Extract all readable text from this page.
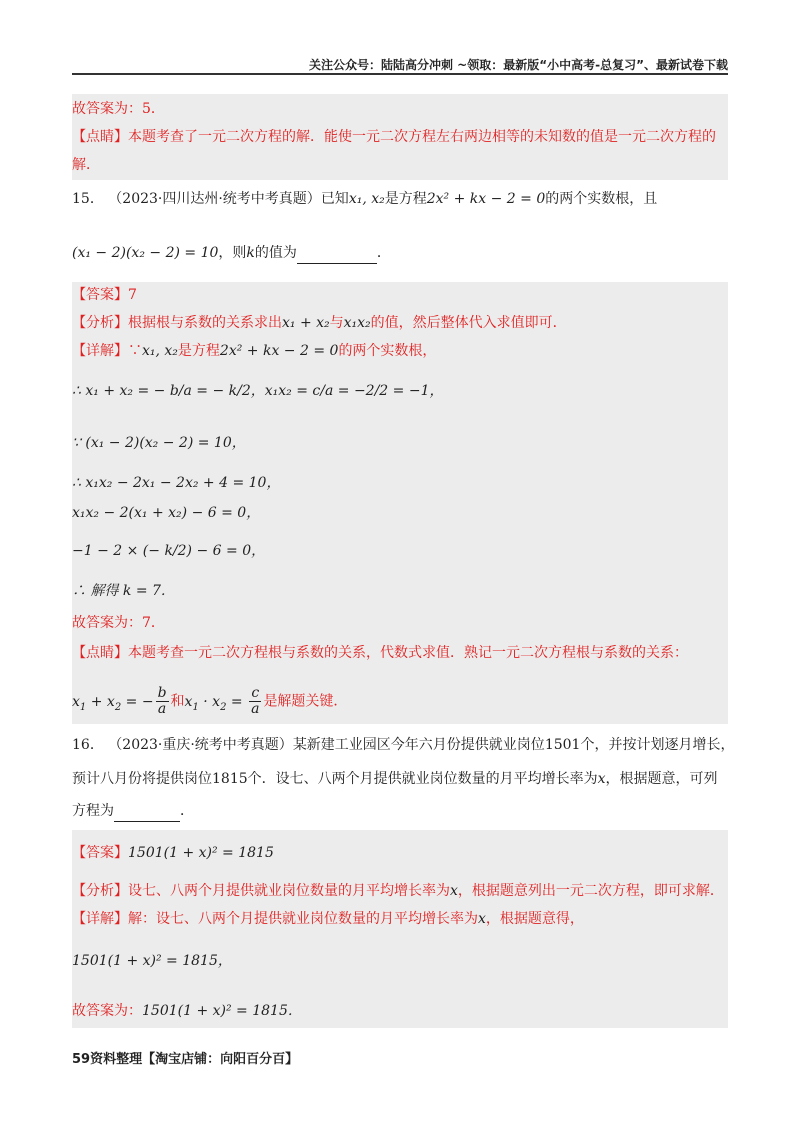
关注公众号：陆陆高分冲刺 ~领取：最新版“小中高考-总复习”、最新试卷下载
故答案为：5．
【点睛】本题考查了一元二次方程的解．能使一元二次方程左右两边相等的未知数的值是一元二次方程的
解．
15． （2023·四川达州·统考中考真题）已知x₁, x₂是方程2x² + kx − 2 = 0的两个实数根，且
(x₁ − 2)(x₂ − 2) = 10，则k的值为	．
【答案】7
【分析】根据根与系数的关系求出x₁ + x₂与x₁x₂的值，然后整体代入求值即可．
【详解】∵x₁, x₂是方程2x² + kx − 2 = 0的两个实数根，
∴ x₁ + x₂ = − b/a = − k/2，x₁x₂ = c/a = −2/2 = −1，
∵ (x₁ − 2)(x₂ − 2) = 10，
∴ x₁x₂ − 2x₁ − 2x₂ + 4 = 10，
x₁x₂ − 2(x₁ + x₂) − 6 = 0，
−1 − 2 × (− k/2) − 6 = 0，
∴ 解得 k = 7．
故答案为：7．
【点睛】本题考查一元二次方程根与系数的关系，代数式求值．熟记一元二次方程根与系数的关系：
$x_1 + x_2$ = − $\frac{b}{a}$ 和$x_1 \cdot x_2 = \frac{c}{a}$ 是解题关键．
16． （2023·重庆·统考中考真题）某新建工业园区今年六月份提供就业岗位1501个，并按计划逐月增长，
预计八月份将提供岗位1815个．设七、八两个月提供就业岗位数量的月平均增长率为x，根据题意，可列
方程为	．
【答案】1501(1 + x)² = 1815
【分析】设七、八两个月提供就业岗位数量的月平均增长率为x，根据题意列出一元二次方程，即可求解．
【详解】解：设七、八两个月提供就业岗位数量的月平均增长率为x，根据题意得，
1501(1 + x)² = 1815，
故答案为：1501(1 + x)² = 1815．
59资料整理【淘宝店铺：向阳百分百】
